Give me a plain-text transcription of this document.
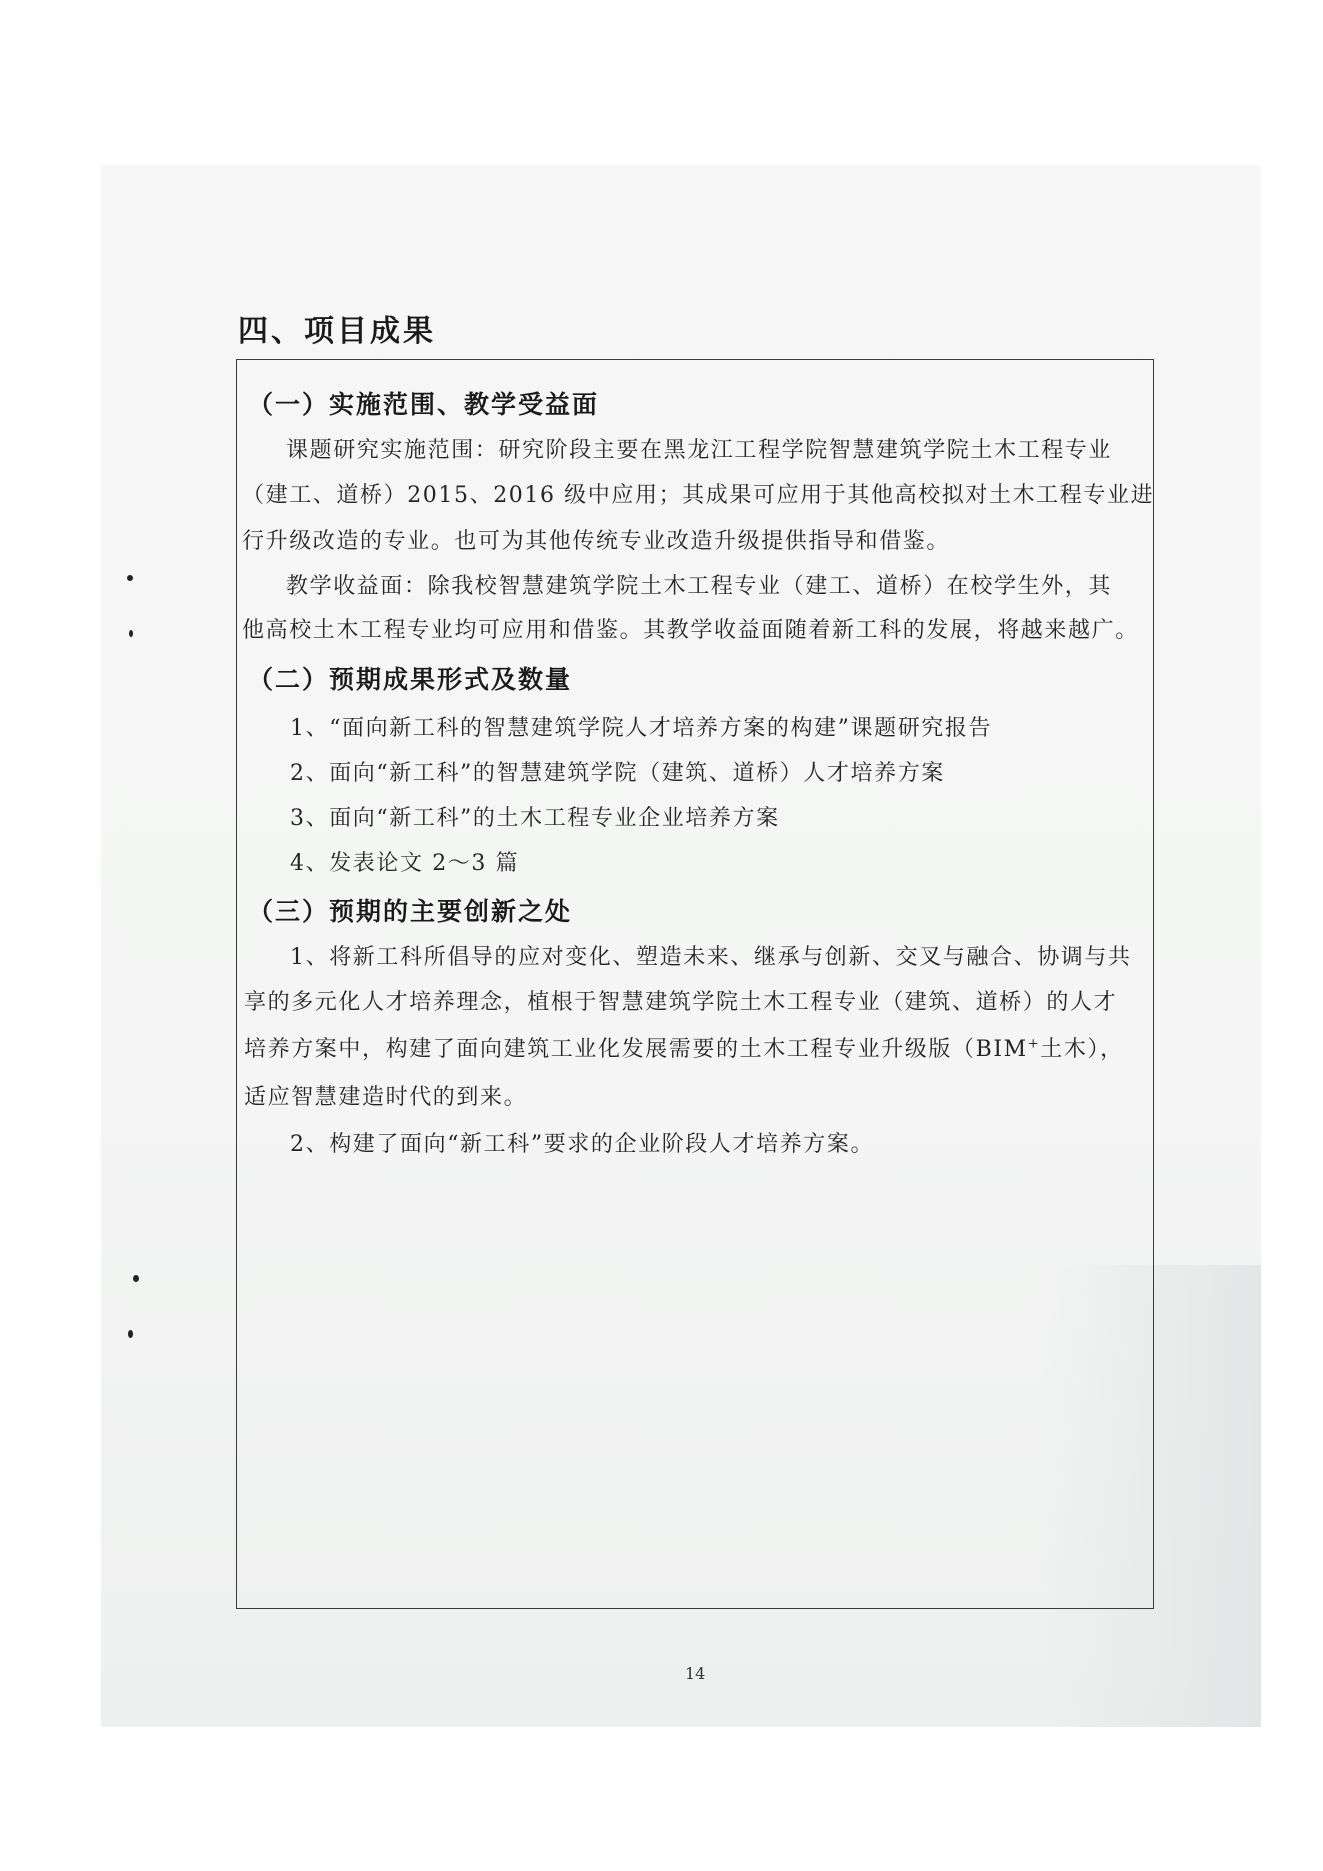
四、项目成果
（一）实施范围、教学受益面
课题研究实施范围：研究阶段主要在黑龙江工程学院智慧建筑学院土木工程专业
（建工、道桥）2015、2016 级中应用；其成果可应用于其他高校拟对土木工程专业进
行升级改造的专业。也可为其他传统专业改造升级提供指导和借鉴。
教学收益面：除我校智慧建筑学院土木工程专业（建工、道桥）在校学生外，其
他高校土木工程专业均可应用和借鉴。其教学收益面随着新工科的发展，将越来越广。
（二）预期成果形式及数量
1、“面向新工科的智慧建筑学院人才培养方案的构建”课题研究报告
2、面向“新工科”的智慧建筑学院（建筑、道桥）人才培养方案
3、面向“新工科”的土木工程专业企业培养方案
4、发表论文 2～3 篇
（三）预期的主要创新之处
1、将新工科所倡导的应对变化、塑造未来、继承与创新、交叉与融合、协调与共
享的多元化人才培养理念，植根于智慧建筑学院土木工程专业（建筑、道桥）的人才
培养方案中，构建了面向建筑工业化发展需要的土木工程专业升级版（BIM+土木），
适应智慧建造时代的到来。
2、构建了面向“新工科”要求的企业阶段人才培养方案。
14
